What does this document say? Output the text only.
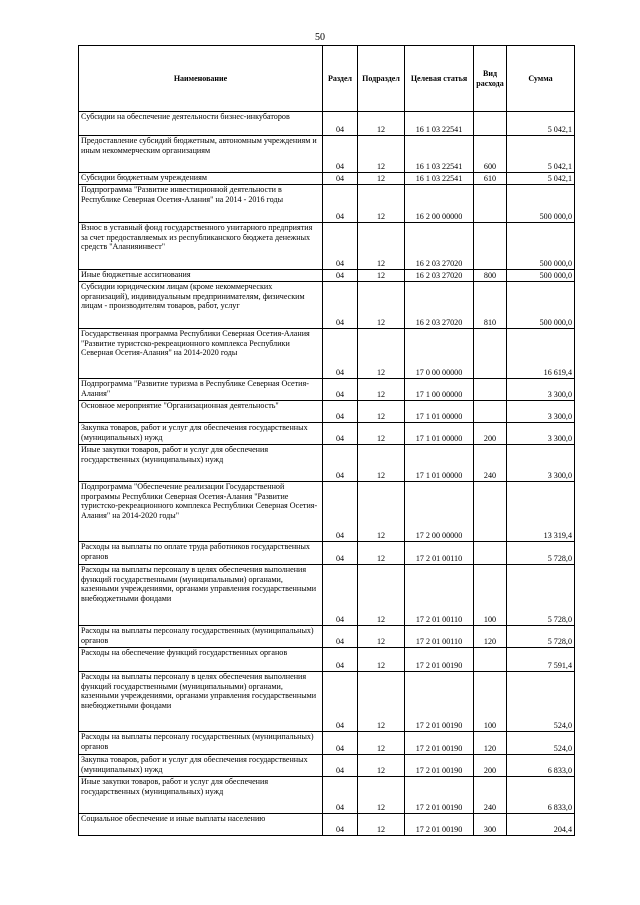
50
Наименование	Раздел	Подраздел	Целевая статья	Вид расхода	Сумма
Субсидии на обеспечение деятельности бизнес-инкубаторов	04	12	16 1 03 22541		5 042,1
Предоставление субсидий бюджетным, автономным учреждениям и иным некоммерческим организациям	04	12	16 1 03 22541	600	5 042,1
Субсидии бюджетным учреждениям	04	12	16 1 03 22541	610	5 042,1
Подпрограмма "Развитие инвестиционной деятельности в Республике Северная Осетия-Алания" на 2014 - 2016 годы	04	12	16 2 00 00000		500 000,0
Взнос в уставный фонд государственного унитарного предприятия за счет предоставляемых из республиканского бюджета денежных средств "Аланияинвест"	04	12	16 2 03 27020		500 000,0
Иные бюджетные ассигнования	04	12	16 2 03 27020	800	500 000,0
Субсидии юридическим лицам (кроме некоммерческих организаций), индивидуальным предпринимателям, физическим лицам - производителям товаров, работ, услуг	04	12	16 2 03 27020	810	500 000,0
Государственная программа Республики Северная Осетия-Алания "Развитие туристско-рекреационного комплекса Республики Северная Осетия-Алания" на 2014-2020 годы	04	12	17 0 00 00000		16 619,4
Подпрограмма "Развитие туризма в Республике Северная Осетия-Алания"	04	12	17 1 00 00000		3 300,0
Основное мероприятие "Организационная деятельность"	04	12	17 1 01 00000		3 300,0
Закупка товаров, работ и услуг для обеспечения государственных (муниципальных) нужд	04	12	17 1 01 00000	200	3 300,0
Иные закупки товаров, работ и услуг для обеспечения государственных (муниципальных) нужд	04	12	17 1 01 00000	240	3 300,0
Подпрограмма "Обеспечение реализации Государственной программы Республики Северная Осетия-Алания "Развитие туристско-рекреационного комплекса Республики Северная Осетия-Алания" на 2014-2020 годы"	04	12	17 2 00 00000		13 319,4
Расходы на выплаты по оплате труда работников государственных органов	04	12	17 2 01 00110		5 728,0
Расходы на выплаты персоналу в целях обеспечения выполнения функций государственными (муниципальными) органами, казенными учреждениями, органами управления государственными внебюджетными фондами	04	12	17 2 01 00110	100	5 728,0
Расходы на выплаты персоналу государственных (муниципальных) органов	04	12	17 2 01 00110	120	5 728,0
Расходы на обеспечение функций государственных органов	04	12	17 2 01 00190		7 591,4
Расходы на выплаты персоналу в целях обеспечения выполнения функций государственными (муниципальными) органами, казенными учреждениями, органами управления государственными внебюджетными фондами	04	12	17 2 01 00190	100	524,0
Расходы на выплаты персоналу государственных (муниципальных) органов	04	12	17 2 01 00190	120	524,0
Закупка товаров, работ и услуг для обеспечения государственных (муниципальных) нужд	04	12	17 2 01 00190	200	6 833,0
Иные закупки товаров, работ и услуг для обеспечения государственных (муниципальных) нужд	04	12	17 2 01 00190	240	6 833,0
Социальное обеспечение и иные выплаты населению	04	12	17 2 01 00190	300	204,4
